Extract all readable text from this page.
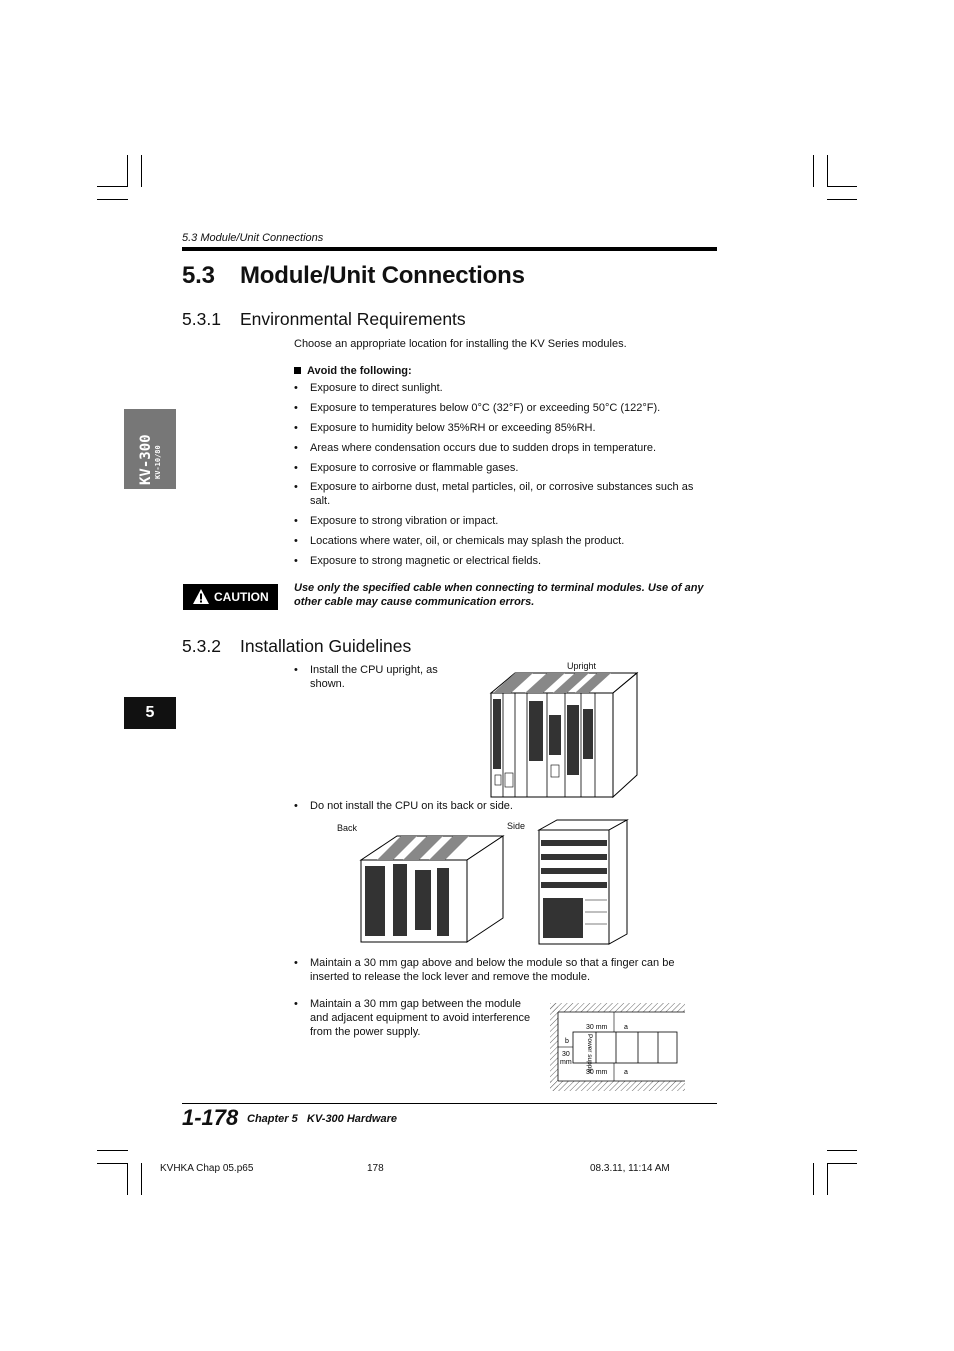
5.3 Module/Unit Connections
5.3 Module/Unit Connections
5.3.1 Environmental Requirements
Choose an appropriate location for installing the KV Series modules.
Avoid the following:
• Exposure to direct sunlight.
• Exposure to temperatures below 0°C (32°F) or exceeding 50°C (122°F).
• Exposure to humidity below 35%RH or exceeding 85%RH.
• Areas where condensation occurs due to sudden drops in temperature.
• Exposure to corrosive or flammable gases.
• Exposure to airborne dust, metal particles, oil, or corrosive substances such as salt.
• Exposure to strong vibration or impact.
• Locations where water, oil, or chemicals may splash the product.
• Exposure to strong magnetic or electrical fields.
CAUTION
Use only the specified cable when connecting to terminal modules. Use of any other cable may cause communication errors.
5.3.2 Installation Guidelines
• Install the CPU upright, as shown.
• Do not install the CPU on its back or side.
• Maintain a 30 mm gap above and below the module so that a finger can be inserted to release the lock lever and remove the module.
• Maintain a 30 mm gap between the module and adjacent equipment to avoid interference from the power supply.
Upright
Back	Side
30 mm a
30 mm a
b
30
mm Power supply
KV-300 KV-10/80
5
1-178 Chapter 5   KV-300 Hardware
KVHKA Chap 05.p65	178	08.3.11, 11:14 AM
